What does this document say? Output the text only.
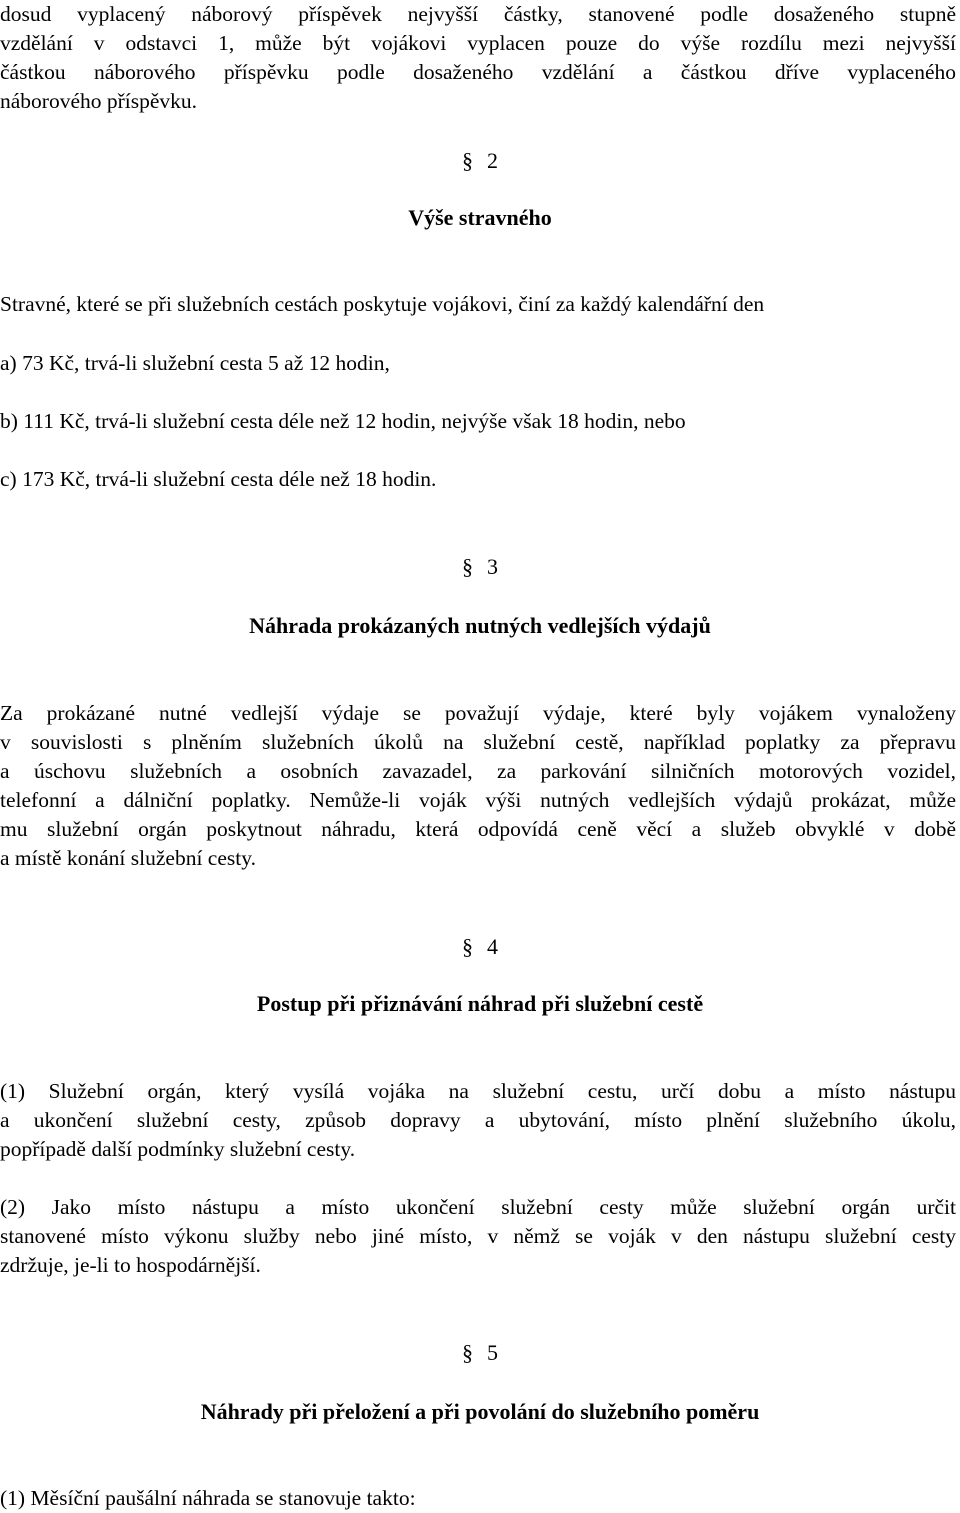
dosud vyplacený náborový příspěvek nejvyšší částky, stanovené podle dosaženého stupně
vzdělání v odstavci 1, může být vojákovi vyplacen pouze do výše rozdílu mezi nejvyšší
částkou náborového příspěvku podle dosaženého vzdělání a částkou dříve vyplaceného
náborového příspěvku.
§ 2
Výše stravného
Stravné, které se při služebních cestách poskytuje vojákovi, činí za každý kalendářní den
a) 73 Kč, trvá-li služební cesta 5 až 12 hodin,
b) 111 Kč, trvá-li služební cesta déle než 12 hodin, nejvýše však 18 hodin, nebo
c) 173 Kč, trvá-li služební cesta déle než 18 hodin.
§ 3
Náhrada prokázaných nutných vedlejších výdajů
Za prokázané nutné vedlejší výdaje se považují výdaje, které byly vojákem vynaloženy
v souvislosti s plněním služebních úkolů na služební cestě, například poplatky za přepravu
a úschovu služebních a osobních zavazadel, za parkování silničních motorových vozidel,
telefonní a dálniční poplatky. Nemůže-li voják výši nutných vedlejších výdajů prokázat, může
mu služební orgán poskytnout náhradu, která odpovídá ceně věcí a služeb obvyklé v době
a místě konání služební cesty.
§ 4
Postup při přiznávání náhrad při služební cestě
(1) Služební orgán, který vysílá vojáka na služební cestu, určí dobu a místo nástupu
a ukončení služební cesty, způsob dopravy a ubytování, místo plnění služebního úkolu,
popřípadě další podmínky služební cesty.
(2) Jako místo nástupu a místo ukončení služební cesty může služební orgán určit
stanovené místo výkonu služby nebo jiné místo, v němž se voják v den nástupu služební cesty
zdržuje, je-li to hospodárnější.
§ 5
Náhrady při přeložení a při povolání do služebního poměru
(1) Měsíční paušální náhrada se stanovuje takto:
